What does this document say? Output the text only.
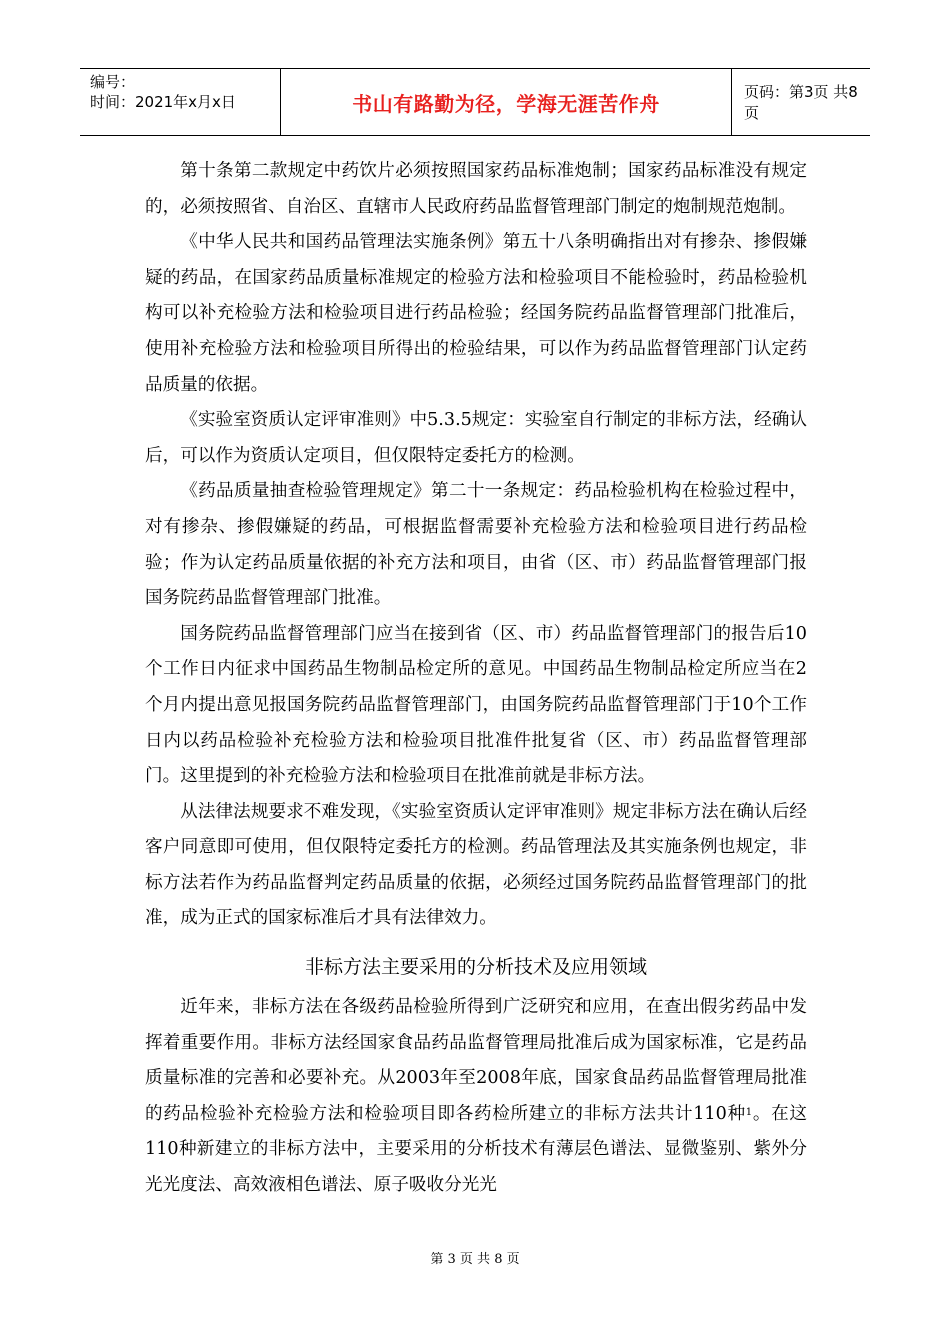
编号：
时间：2021年x月x日	书山有路勤为径，学海无涯苦作舟	页码：第3页 共8页

第十条第二款规定中药饮片必须按照国家药品标准炮制；国家药品标准没有规定的，必须按照省、自治区、直辖市人民政府药品监督管理部门制定的炮制规范炮制。

《中华人民共和国药品管理法实施条例》第五十八条明确指出对有掺杂、掺假嫌疑的药品，在国家药品质量标准规定的检验方法和检验项目不能检验时，药品检验机构可以补充检验方法和检验项目进行药品检验；经国务院药品监督管理部门批准后，使用补充检验方法和检验项目所得出的检验结果，可以作为药品监督管理部门认定药品质量的依据。

《实验室资质认定评审准则》中5.3.5规定：实验室自行制定的非标方法，经确认后，可以作为资质认定项目，但仅限特定委托方的检测。

《药品质量抽查检验管理规定》第二十一条规定：药品检验机构在检验过程中，对有掺杂、掺假嫌疑的药品，可根据监督需要补充检验方法和检验项目进行药品检验；作为认定药品质量依据的补充方法和项目，由省（区、市）药品监督管理部门报国务院药品监督管理部门批准。

国务院药品监督管理部门应当在接到省（区、市）药品监督管理部门的报告后10个工作日内征求中国药品生物制品检定所的意见。中国药品生物制品检定所应当在2个月内提出意见报国务院药品监督管理部门，由国务院药品监督管理部门于10个工作日内以药品检验补充检验方法和检验项目批准件批复省（区、市）药品监督管理部门。这里提到的补充检验方法和检验项目在批准前就是非标方法。

从法律法规要求不难发现，《实验室资质认定评审准则》规定非标方法在确认后经客户同意即可使用，但仅限特定委托方的检测。药品管理法及其实施条例也规定，非标方法若作为药品监督判定药品质量的依据，必须经过国务院药品监督管理部门的批准，成为正式的国家标准后才具有法律效力。

非标方法主要采用的分析技术及应用领域

近年来，非标方法在各级药品检验所得到广泛研究和应用，在查出假劣药品中发挥着重要作用。非标方法经国家食品药品监督管理局批准后成为国家标准，它是药品质量标准的完善和必要补充。从2003年至2008年底，国家食品药品监督管理局批准的药品检验补充检验方法和检验项目即各药检所建立的非标方法共计110种$^1$。在这110种新建立的非标方法中，主要采用的分析技术有薄层色谱法、显微鉴别、紫外分光光度法、高效液相色谱法、原子吸收分光光

第 3 页 共 8 页
